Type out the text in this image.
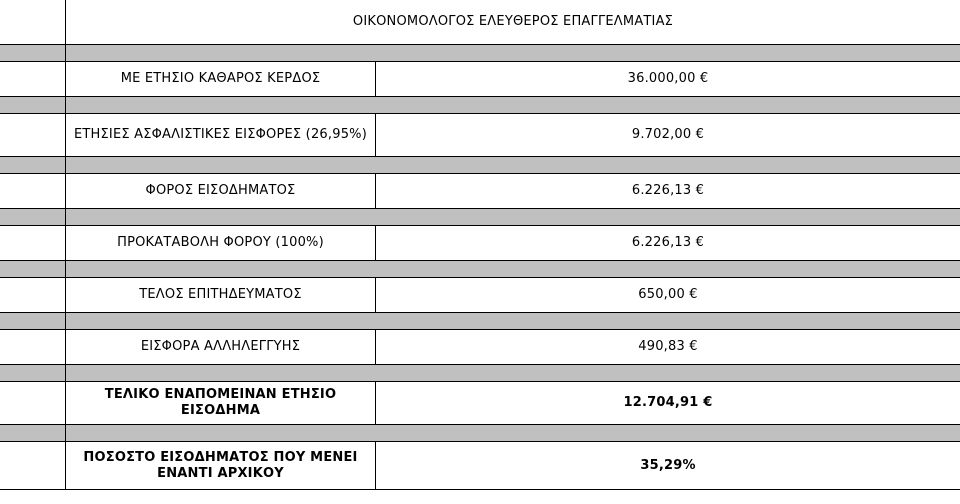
	ΟΙΚΟΝΟΜΟΛΟΓΟΣ ΕΛΕΥΘΕΡΟΣ ΕΠΑΓΓΕΛΜΑΤΙΑΣ	

	ΜΕ ΕΤΗΣΙΟ ΚΑΘΑΡΟΣ ΚΕΡΔΟΣ	36.000,00 €

	ΕΤΗΣΙΕΣ ΑΣΦΑΛΙΣΤΙΚΕΣ ΕΙΣΦΟΡΕΣ (26,95%)	9.702,00 €

	ΦΟΡΟΣ ΕΙΣΟΔΗΜΑΤΟΣ	6.226,13 €

	ΠΡΟΚΑΤΑΒΟΛΗ ΦΟΡΟΥ (100%)	6.226,13 €

	ΤΕΛΟΣ ΕΠΙΤΗΔΕΥΜΑΤΟΣ	650,00 €

	ΕΙΣΦΟΡΑ ΑΛΛΗΛΕΓΓΥΗΣ	490,83 €

	ΤΕΛΙΚΟ ΕΝΑΠΟΜΕΙΝΑΝ ΕΤΗΣΙΟ
ΕΙΣΟΔΗΜΑ	12.704,91 €

	ΠΟΣΟΣΤΟ ΕΙΣΟΔΗΜΑΤΟΣ ΠΟΥ ΜΕΝΕΙ
ΕΝΑΝΤΙ ΑΡΧΙΚΟΥ	35,29%
